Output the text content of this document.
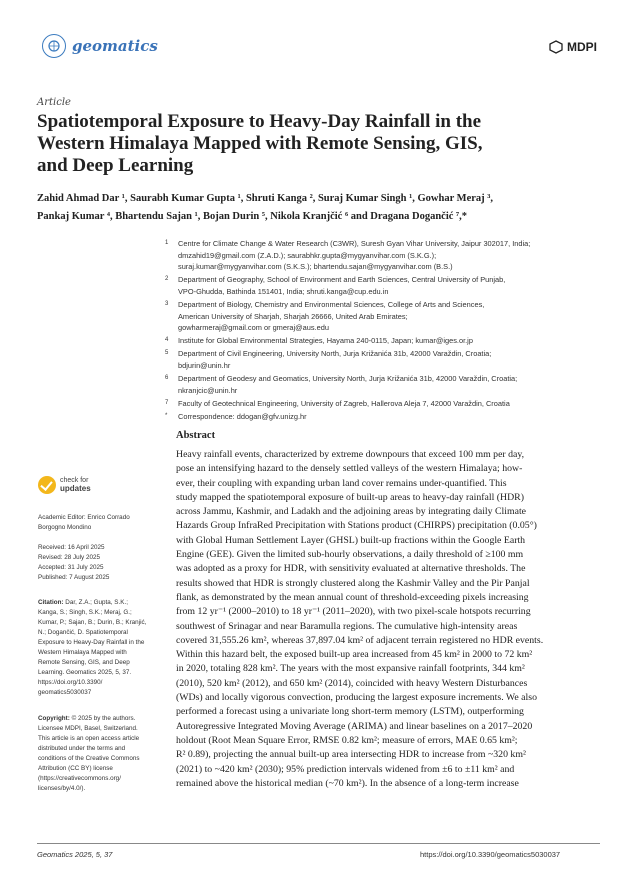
geomatics	MDPI
Article
Spatiotemporal Exposure to Heavy-Day Rainfall in the Western Himalaya Mapped with Remote Sensing, GIS, and Deep Learning
Zahid Ahmad Dar ¹, Saurabh Kumar Gupta ¹, Shruti Kanga ², Suraj Kumar Singh ¹, Gowhar Meraj ³,
Pankaj Kumar ⁴, Bhartendu Sajan ¹, Bojan Durin ⁵, Nikola Kranjčić ⁶ and Dragana Dogančić ⁷,*
1	Centre for Climate Change & Water Research (C3WR), Suresh Gyan Vihar University, Jaipur 302017, India;
dmzahid19@gmail.com (Z.A.D.); saurabhkr.gupta@mygyanvihar.com (S.K.G.);
suraj.kumar@mygyanvihar.com (S.K.S.); bhartendu.sajan@mygyanvihar.com (B.S.)
2	Department of Geography, School of Environment and Earth Sciences, Central University of Punjab,
VPO-Ghudda, Bathinda 151401, India; shruti.kanga@cup.edu.in
3	Department of Biology, Chemistry and Environmental Sciences, College of Arts and Sciences,
American University of Sharjah, Sharjah 26666, United Arab Emirates;
gowharmeraj@gmail.com or gmeraj@aus.edu
4	Institute for Global Environmental Strategies, Hayama 240-0115, Japan; kumar@iges.or.jp
5	Department of Civil Engineering, University North, Jurja Križanića 31b, 42000 Varaždin, Croatia;
bdjurin@unin.hr
6	Department of Geodesy and Geomatics, University North, Jurja Križanića 31b, 42000 Varaždin, Croatia;
nkranjcic@unin.hr
7	Faculty of Geotechnical Engineering, University of Zagreb, Hallerova Aleja 7, 42000 Varaždin, Croatia
*	Correspondence: ddogan@gfv.unizg.hr
Abstract
Heavy rainfall events, characterized by extreme downpours that exceed 100 mm per day,
pose an intensifying hazard to the densely settled valleys of the western Himalaya; how-
ever, their coupling with expanding urban land cover remains under-quantified. This
study mapped the spatiotemporal exposure of built-up areas to heavy-day rainfall (HDR)
across Jammu, Kashmir, and Ladakh and the adjoining areas by integrating daily Climate
Hazards Group InfraRed Precipitation with Stations product (CHIRPS) precipitation (0.05°)
with Global Human Settlement Layer (GHSL) built-up fractions within the Google Earth
Engine (GEE). Given the limited sub-hourly observations, a daily threshold of ≥100 mm
was adopted as a proxy for HDR, with sensitivity evaluated at alternative thresholds. The
results showed that HDR is strongly clustered along the Kashmir Valley and the Pir Panjal
flank, as demonstrated by the mean annual count of threshold-exceeding pixels increasing
from 12 yr⁻¹ (2000–2010) to 18 yr⁻¹ (2011–2020), with two pixel-scale hotspots recurring
southwest of Srinagar and near Baramulla regions. The cumulative high-intensity areas
covered 31,555.26 km², whereas 37,897.04 km² of adjacent terrain registered no HDR events.
Within this hazard belt, the exposed built-up area increased from 45 km² in 2000 to 72 km²
in 2020, totaling 828 km². The years with the most expansive rainfall footprints, 344 km²
(2010), 520 km² (2012), and 650 km² (2014), coincided with heavy Western Disturbances
(WDs) and locally vigorous convection, producing the largest exposure increments. We also
performed a forecast using a univariate long short-term memory (LSTM), outperforming
Autoregressive Integrated Moving Average (ARIMA) and linear baselines on a 2017–2020
holdout (Root Mean Square Error, RMSE 0.82 km²; measure of errors, MAE 0.65 km²;
R² 0.89), projecting the annual built-up area intersecting HDR to increase from ~320 km²
(2021) to ~420 km² (2030); 95% prediction intervals widened from ±6 to ±11 km² and
remained above the historical median (~70 km²). In the absence of a long-term increase
check for
updates
Academic Editor: Enrico Corrado
Borgogno Mondino
Received: 16 April 2025
Revised: 28 July 2025
Accepted: 31 July 2025
Published: 7 August 2025
Citation: Dar, Z.A.; Gupta, S.K.;
Kanga, S.; Singh, S.K.; Meraj, G.;
Kumar, P.; Sajan, B.; Durin, B.; Kranjić,
N.; Dogančić, D. Spatiotemporal
Exposure to Heavy-Day Rainfall in the
Western Himalaya Mapped with
Remote Sensing, GIS, and Deep
Learning. Geomatics 2025, 5, 37.
https://doi.org/10.3390/
geomatics5030037
Copyright: © 2025 by the authors.
Licensee MDPI, Basel, Switzerland.
This article is an open access article
distributed under the terms and
conditions of the Creative Commons
Attribution (CC BY) license
(https://creativecommons.org/
licenses/by/4.0/).
Geomatics 2025, 5, 37	https://doi.org/10.3390/geomatics5030037
